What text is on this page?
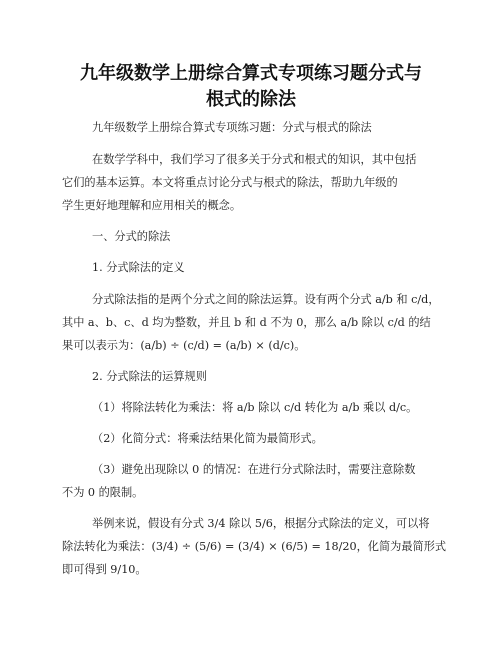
九年级数学上册综合算式专项练习题分式与
根式的除法
九年级数学上册综合算式专项练习题：分式与根式的除法
在数学学科中，我们学习了很多关于分式和根式的知识，其中包括
它们的基本运算。本文将重点讨论分式与根式的除法，帮助九年级的
学生更好地理解和应用相关的概念。
一、分式的除法
1. 分式除法的定义
分式除法指的是两个分式之间的除法运算。设有两个分式 a/b 和 c/d，
其中 a、b、c、d 均为整数，并且 b 和 d 不为 0，那么 a/b 除以 c/d 的结
果可以表示为：(a/b) ÷ (c/d) = (a/b) × (d/c)。
2. 分式除法的运算规则
（1）将除法转化为乘法：将 a/b 除以 c/d 转化为 a/b 乘以 d/c。
（2）化简分式：将乘法结果化简为最简形式。
（3）避免出现除以 0 的情况：在进行分式除法时，需要注意除数
不为 0 的限制。
举例来说，假设有分式 3/4 除以 5/6，根据分式除法的定义，可以将
除法转化为乘法：(3/4) ÷ (5/6) = (3/4) × (6/5) = 18/20，化简为最简形式
即可得到 9/10。
